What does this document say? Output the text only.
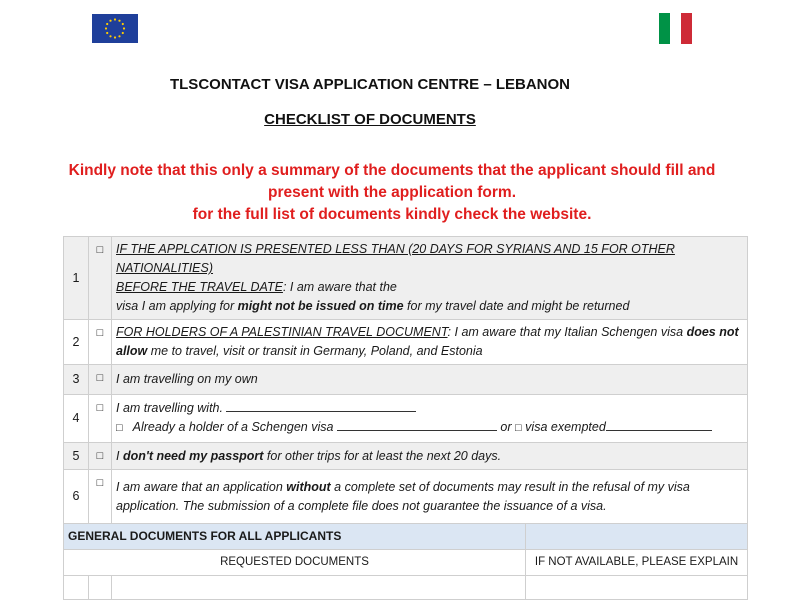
TLSCONTACT VISA APPLICATION CENTRE – LEBANON
CHECKLIST OF DOCUMENTS
Kindly note that this only a summary of the documents that the applicant should fill and
present with the application form.
for the full list of documents kindly check the website.
1	□	IF THE APPLCATION IS PRESENTED LESS THAN (20 DAYS FOR SYRIANS AND 15 FOR OTHER NATIONALITIES)
BEFORE THE TRAVEL DATE: I am aware that the
visa I am applying for might not be issued on time for my travel date and might be returned	
2	□	FOR HOLDERS OF A PALESTINIAN TRAVEL DOCUMENT: I am aware that my Italian Schengen visa does not
allow me to travel, visit or transit in Germany, Poland, and Estonia	
3	□	I am travelling on my own	
4	□	I am travelling with.
□ Already a holder of a Schengen visa or □ visa exempted	
5	□	I don't need my passport for other trips for at least the next 20 days.	
6	□	I am aware that an application without a complete set of documents may result in the refusal of my visa
application. The submission of a complete file does not guarantee the issuance of a visa.	
GENERAL DOCUMENTS FOR ALL APPLICANTS			
REQUESTED DOCUMENTS			IF NOT AVAILABLE, PLEASE EXPLAIN
